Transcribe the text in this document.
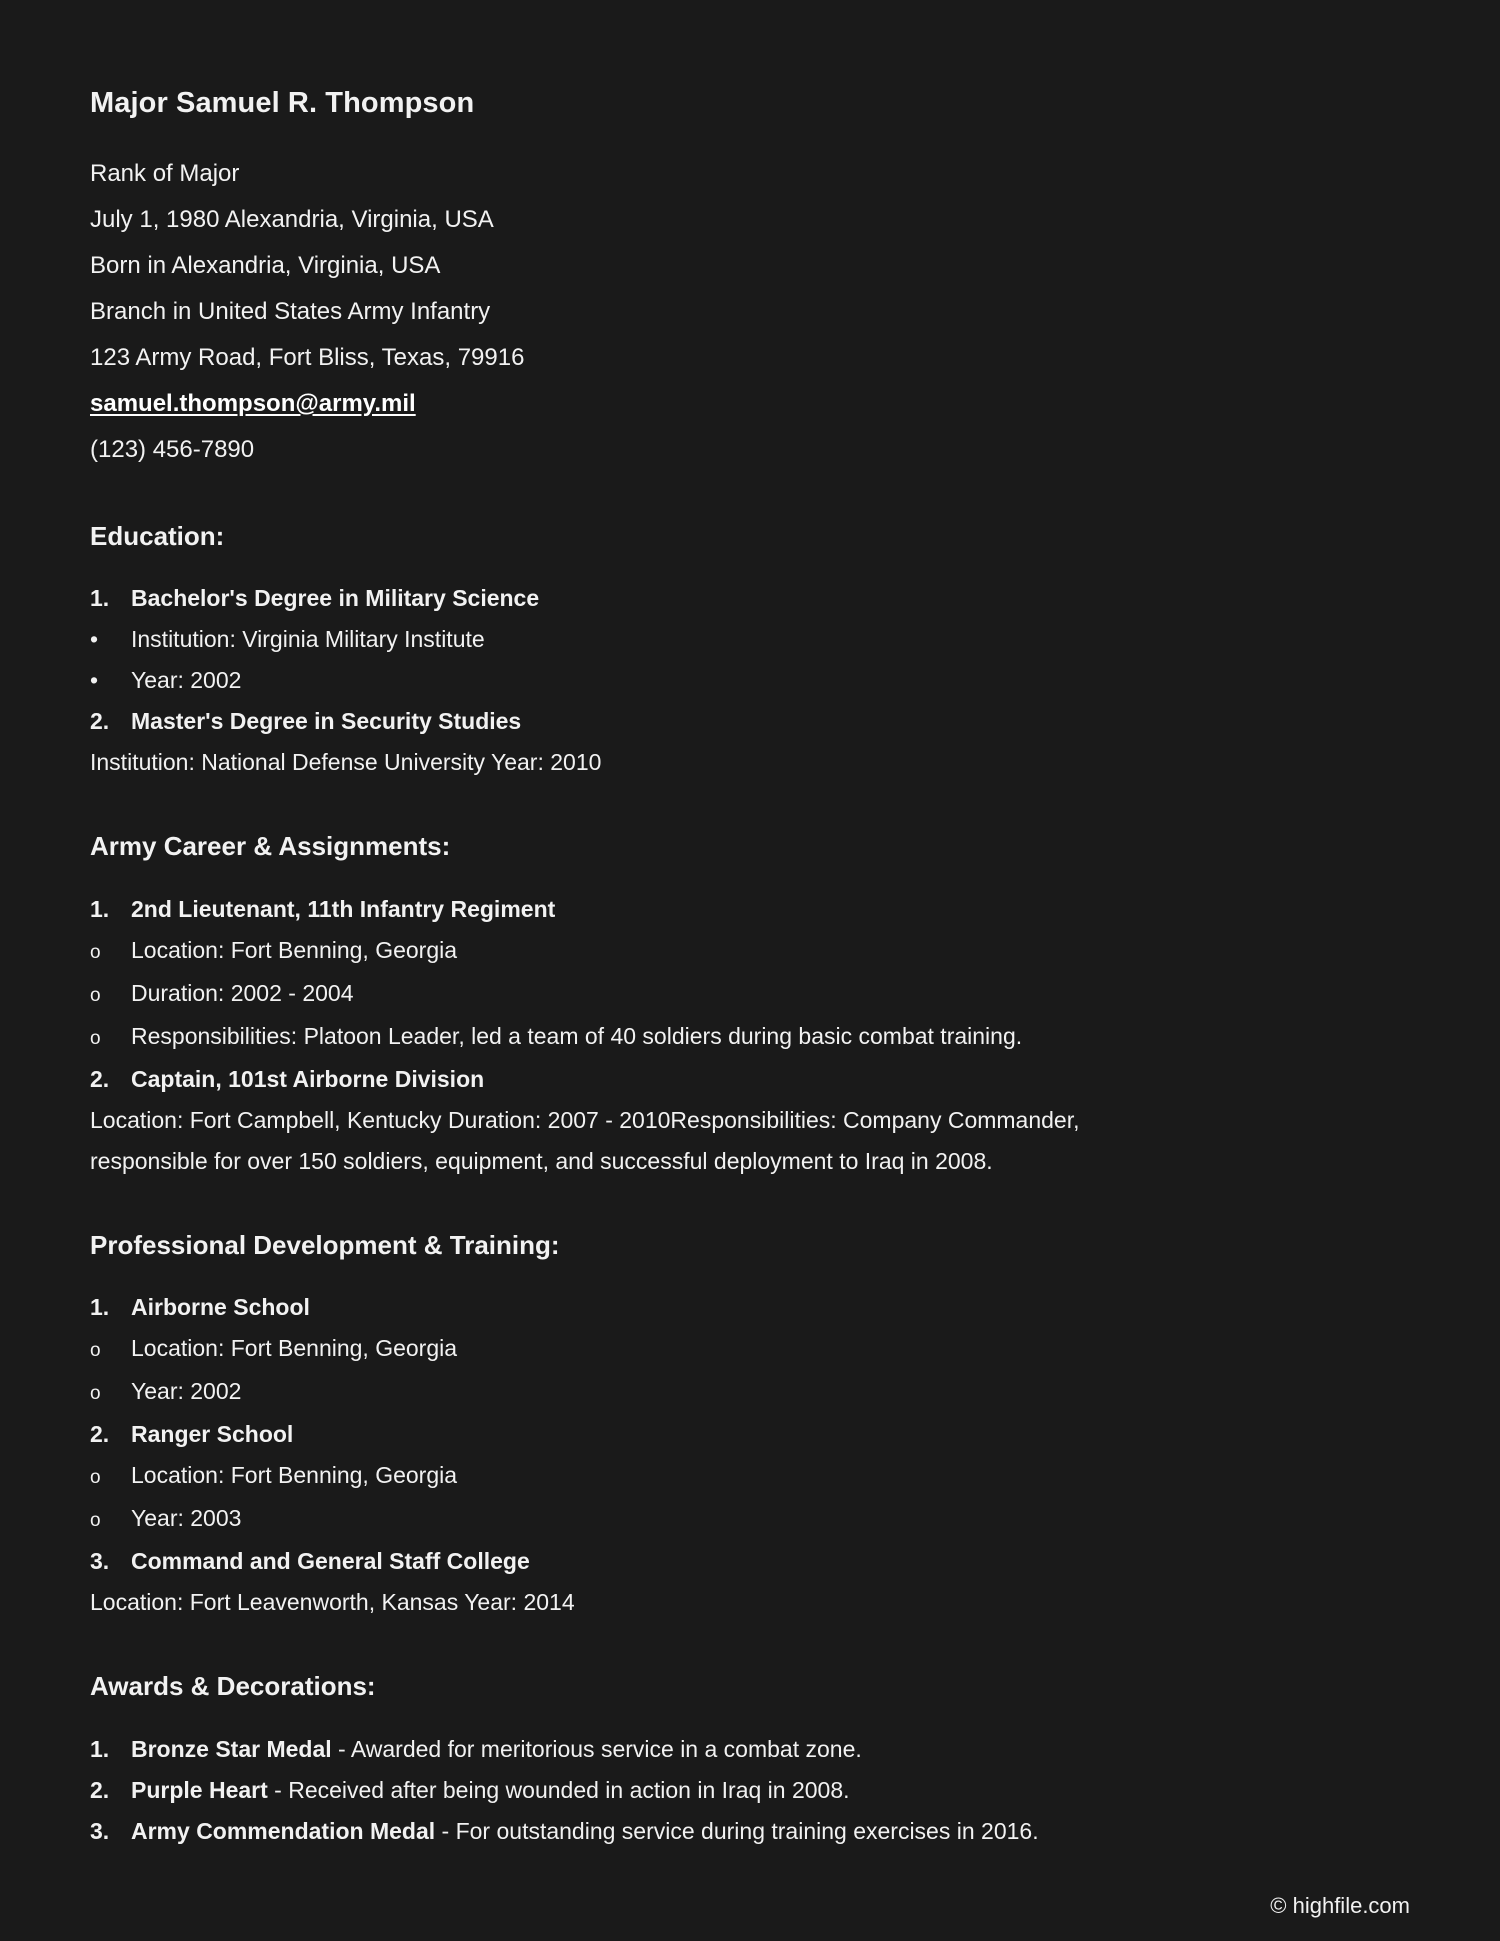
Major Samuel R. Thompson

Rank of Major

July 1, 1980 Alexandria, Virginia, USA

Born in Alexandria, Virginia, USA

Branch in United States Army Infantry

123 Army Road, Fort Bliss, Texas, 79916

samuel.thompson@army.mil

(123) 456-7890

Education:
1. Bachelor's Degree in Military Science
•	Institution: Virginia Military Institute
•	Year: 2002
2. Master's Degree in Security Studies

Institution: National Defense University Year: 2010

Army Career & Assignments:
1. 2nd Lieutenant, 11th Infantry Regiment
o	Location: Fort Benning, Georgia
o	Duration: 2002 - 2004
o	Responsibilities: Platoon Leader, led a team of 40 soldiers during basic combat training.
2. Captain, 101st Airborne Division

Location: Fort Campbell, Kentucky Duration: 2007 - 2010Responsibilities: Company Commander, responsible for over 150 soldiers, equipment, and successful deployment to Iraq in 2008.

Professional Development & Training:
1. Airborne School
o	Location: Fort Benning, Georgia
o	Year: 2002
2. Ranger School
o	Location: Fort Benning, Georgia
o	Year: 2003
3. Command and General Staff College

Location: Fort Leavenworth, Kansas Year: 2014

Awards & Decorations:
1. Bronze Star Medal - Awarded for meritorious service in a combat zone.
2. Purple Heart - Received after being wounded in action in Iraq in 2008.
3. Army Commendation Medal - For outstanding service during training exercises in 2016.
© highfile.com
